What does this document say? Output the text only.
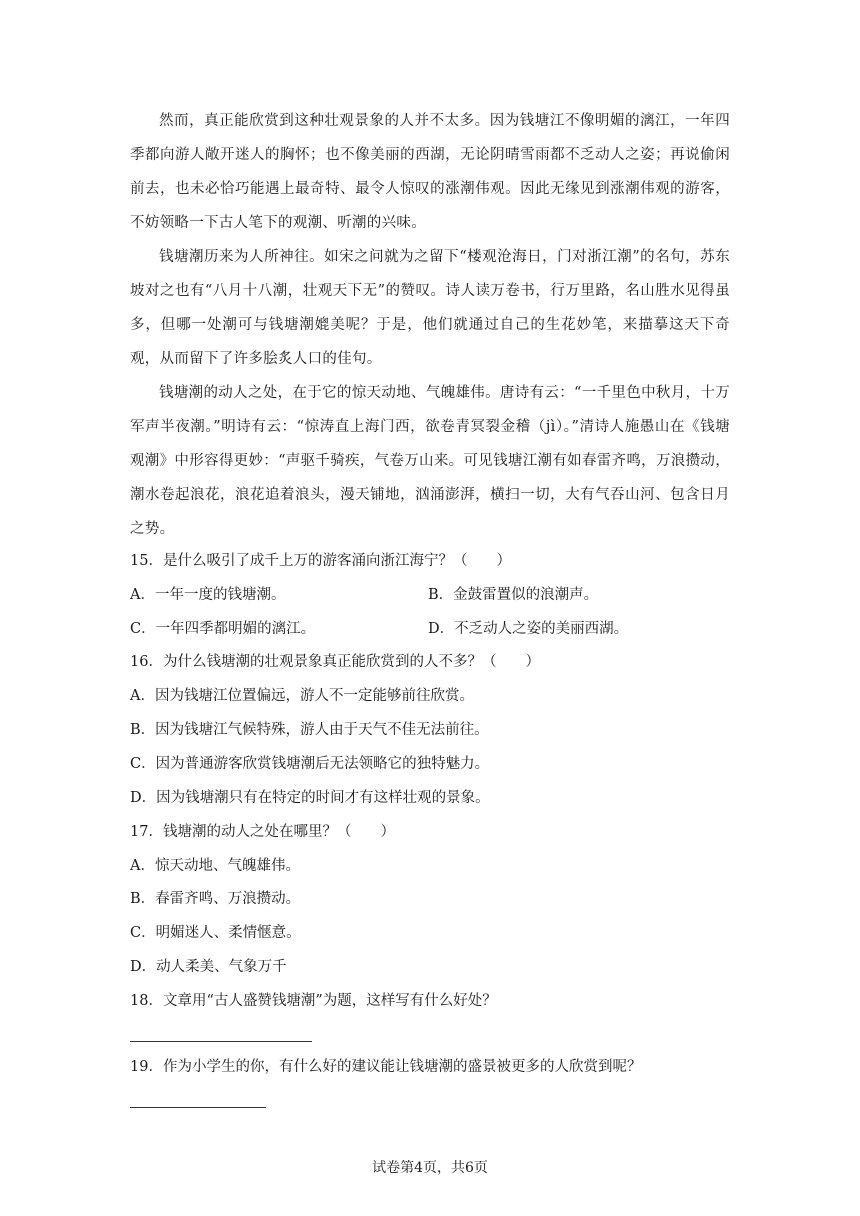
然而，真正能欣赏到这种壮观景象的人并不太多。因为钱塘江不像明媚的漓江，一年四季都向游人敞开迷人的胸怀；也不像美丽的西湖，无论阴晴雪雨都不乏动人之姿；再说偷闲前去，也未必恰巧能遇上最奇特、最令人惊叹的涨潮伟观。因此无缘见到涨潮伟观的游客，不妨领略一下古人笔下的观潮、听潮的兴味。

钱塘潮历来为人所神往。如宋之问就为之留下“楼观沧海日，门对浙江潮”的名句，苏东坡对之也有“八月十八潮，壮观天下无”的赞叹。诗人读万卷书，行万里路，名山胜水见得虽多，但哪一处潮可与钱塘潮媲美呢？于是，他们就通过自己的生花妙笔，来描摹这天下奇观，从而留下了许多脍炙人口的佳句。

钱塘潮的动人之处，在于它的惊天动地、气魄雄伟。唐诗有云：“一千里色中秋月，十万军声半夜潮。”明诗有云：“惊涛直上海门西，欲卷青冥裂金稽（jì）。”清诗人施愚山在《钱塘观潮》中形容得更妙：“声驱千骑疾，气卷万山来。可见钱塘江潮有如春雷齐鸣，万浪攒动，潮水卷起浪花，浪花追着浪头，漫天铺地，汹涌澎湃，横扫一切，大有气吞山河、包含日月之势。

15．是什么吸引了成千上万的游客涌向浙江海宁？（　　）
A．一年一度的钱塘潮。	B．金鼓雷置似的浪潮声。
C．一年四季都明媚的漓江。	D．不乏动人之姿的美丽西湖。
16．为什么钱塘潮的壮观景象真正能欣赏到的人不多？（　　）
A．因为钱塘江位置偏远，游人不一定能够前往欣赏。
B．因为钱塘江气候特殊，游人由于天气不佳无法前往。
C．因为普通游客欣赏钱塘潮后无法领略它的独特魅力。
D．因为钱塘潮只有在特定的时间才有这样壮观的景象。
17．钱塘潮的动人之处在哪里？（　　）
A．惊天动地、气魄雄伟。
B．春雷齐鸣、万浪攒动。
C．明媚迷人、柔情惬意。
D．动人柔美、气象万千
18．文章用“古人盛赞钱塘潮”为题，这样写有什么好处？
19．作为小学生的你，有什么好的建议能让钱塘潮的盛景被更多的人欣赏到呢？
试卷第4页，共6页
